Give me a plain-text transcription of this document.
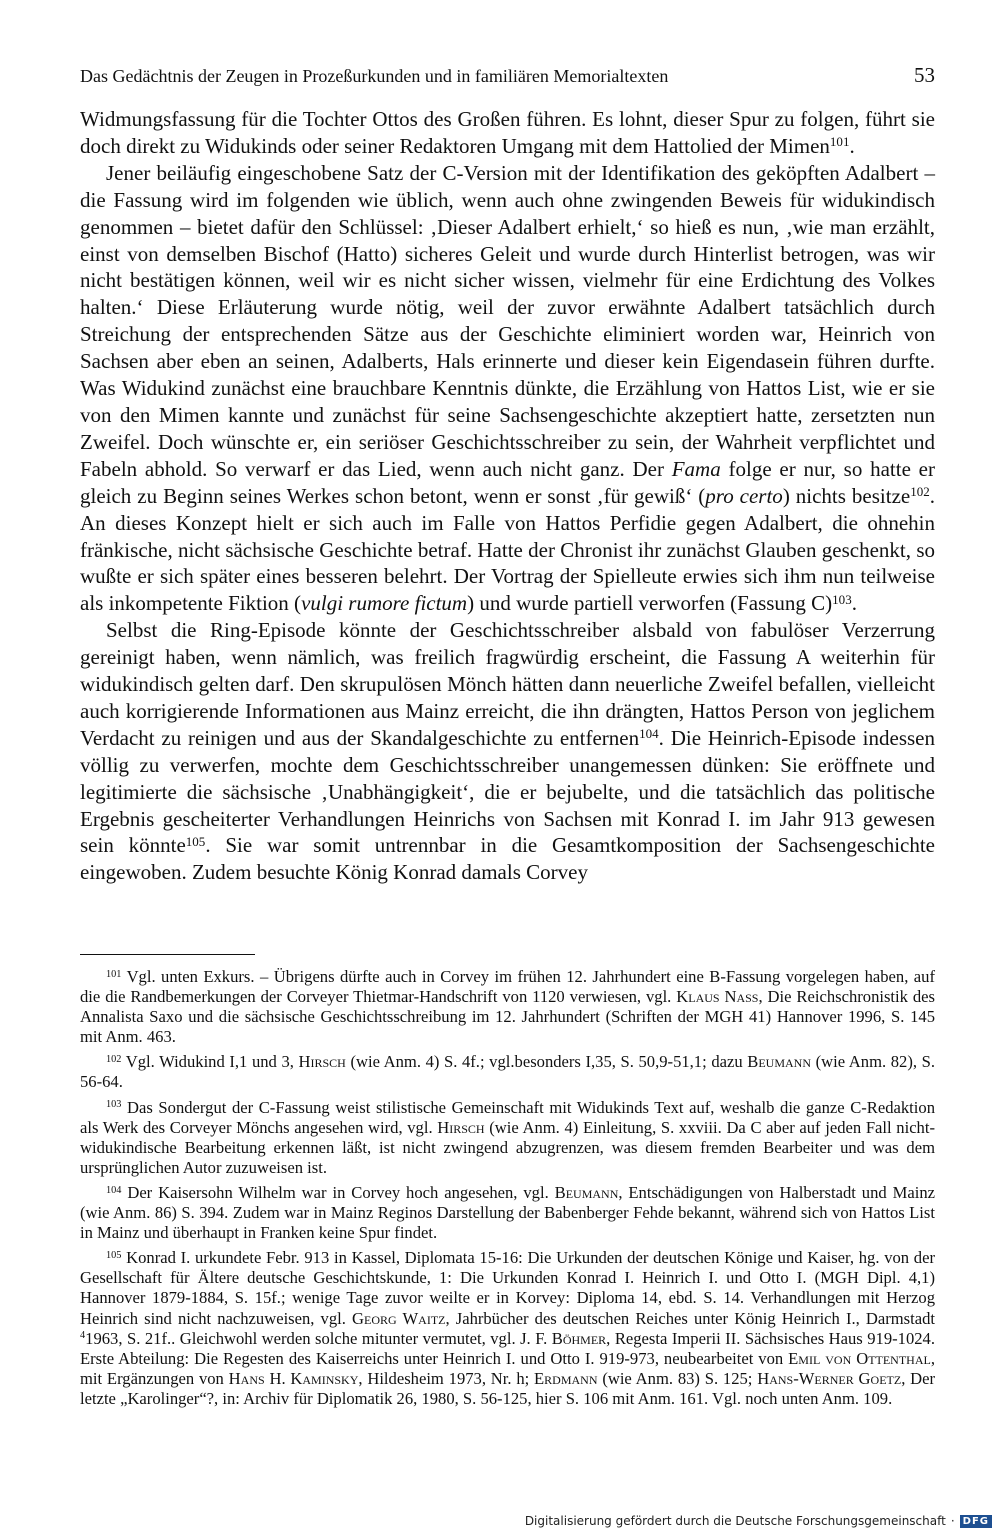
Das Gedächtnis der Zeugen in Prozeßurkunden und in familiären Memorialtexten	53

Widmungsfassung für die Tochter Ottos des Großen führen. Es lohnt, dieser Spur zu folgen, führt sie doch direkt zu Widukinds oder seiner Redaktoren Umgang mit dem Hattolied der Mimen$^{101}$.

Jener beiläufig eingeschobene Satz der C-Version mit der Identifikation des geköpften Adalbert – die Fassung wird im folgenden wie üblich, wenn auch ohne zwingenden Beweis für widukindisch genommen – bietet dafür den Schlüssel: ‚Dieser Adalbert erhielt,‘ so hieß es nun, ‚wie man erzählt, einst von demselben Bischof (Hatto) sicheres Geleit und wurde durch Hinterlist betrogen, was wir nicht bestätigen können, weil wir es nicht sicher wissen, vielmehr für eine Erdichtung des Volkes halten.‘ Diese Erläuterung wurde nötig, weil der zuvor erwähnte Adalbert tatsächlich durch Streichung der entsprechenden Sätze aus der Geschichte eliminiert worden war, Heinrich von Sachsen aber eben an seinen, Adalberts, Hals erinnerte und dieser kein Eigendasein führen durfte. Was Widukind zunächst eine brauchbare Kenntnis dünkte, die Erzählung von Hattos List, wie er sie von den Mimen kannte und zunächst für seine Sachsengeschichte akzeptiert hatte, zersetzten nun Zweifel. Doch wünschte er, ein seriöser Geschichtsschreiber zu sein, der Wahrheit verpflichtet und Fabeln abhold. So verwarf er das Lied, wenn auch nicht ganz. Der Fama folge er nur, so hatte er gleich zu Beginn seines Werkes schon betont, wenn er sonst ‚für gewiß‘ (pro certo) nichts besitze$^{102}$. An dieses Konzept hielt er sich auch im Falle von Hattos Perfidie gegen Adalbert, die ohnehin fränkische, nicht sächsische Geschichte betraf. Hatte der Chronist ihr zunächst Glauben geschenkt, so wußte er sich später eines besseren belehrt. Der Vortrag der Spielleute erwies sich ihm nun teilweise als inkompetente Fiktion (vulgi rumore fictum) und wurde partiell verworfen (Fassung C)$^{103}$.

Selbst die Ring-Episode könnte der Geschichtsschreiber alsbald von fabulöser Verzerrung gereinigt haben, wenn nämlich, was freilich fragwürdig erscheint, die Fassung A weiterhin für widukindisch gelten darf. Den skrupulösen Mönch hätten dann neuerliche Zweifel befallen, vielleicht auch korrigierende Informationen aus Mainz erreicht, die ihn drängten, Hattos Person von jeglichem Verdacht zu reinigen und aus der Skandalgeschichte zu entfernen$^{104}$. Die Heinrich-Episode indessen völlig zu verwerfen, mochte dem Geschichtsschreiber unangemessen dünken: Sie eröffnete und legitimierte die sächsische ‚Unabhängigkeit‘, die er bejubelte, und die tatsächlich das politische Ergebnis gescheiterter Verhandlungen Heinrichs von Sachsen mit Konrad I. im Jahr 913 gewesen sein könnte$^{105}$. Sie war somit untrennbar in die Gesamtkomposition der Sachsengeschichte eingewoben. Zudem besuchte König Konrad damals Corvey

$^{101}$ Vgl. unten Exkurs. – Übrigens dürfte auch in Corvey im frühen 12. Jahrhundert eine B-Fassung vorgelegen haben, auf die die Randbemerkungen der Corveyer Thietmar-Handschrift von 1120 verwiesen, vgl. Klaus Nass, Die Reichschronistik des Annalista Saxo und die sächsische Geschichtsschreibung im 12. Jahrhundert (Schriften der MGH 41) Hannover 1996, S. 145 mit Anm. 463.

$^{102}$ Vgl. Widukind I,1 und 3, Hirsch (wie Anm. 4) S. 4f.; vgl.besonders I,35, S. 50,9-51,1; dazu Beumann (wie Anm. 82), S. 56-64.

$^{103}$ Das Sondergut der C-Fassung weist stilistische Gemeinschaft mit Widukinds Text auf, weshalb die ganze C-Redaktion als Werk des Corveyer Mönchs angesehen wird, vgl. Hirsch (wie Anm. 4) Einleitung, S. xxviii. Da C aber auf jeden Fall nicht-widukindische Bearbeitung erkennen läßt, ist nicht zwingend abzugrenzen, was diesem fremden Bearbeiter und was dem ursprünglichen Autor zuzuweisen ist.

$^{104}$ Der Kaisersohn Wilhelm war in Corvey hoch angesehen, vgl. Beumann, Entschädigungen von Halberstadt und Mainz (wie Anm. 86) S. 394. Zudem war in Mainz Reginos Darstellung der Babenberger Fehde bekannt, während sich von Hattos List in Mainz und überhaupt in Franken keine Spur findet.

$^{105}$ Konrad I. urkundete Febr. 913 in Kassel, Diplomata 15-16: Die Urkunden der deutschen Könige und Kaiser, hg. von der Gesellschaft für Ältere deutsche Geschichtskunde, 1: Die Urkunden Konrad I. Heinrich I. und Otto I. (MGH Dipl. 4,1) Hannover 1879-1884, S. 15f.; wenige Tage zuvor weilte er in Korvey: Diploma 14, ebd. S. 14. Verhandlungen mit Herzog Heinrich sind nicht nachzuweisen, vgl. Georg Waitz, Jahrbücher des deutschen Reiches unter König Heinrich I., Darmstadt $^4$1963, S. 21f.. Gleichwohl werden solche mitunter vermutet, vgl. J. F. Böhmer, Regesta Imperii II. Sächsisches Haus 919-1024. Erste Abteilung: Die Regesten des Kaiserreichs unter Heinrich I. und Otto I. 919-973, neubearbeitet von Emil von Ottenthal, mit Ergänzungen von Hans H. Kaminsky, Hildesheim 1973, Nr. h; Erdmann (wie Anm. 83) S. 125; Hans-Werner Goetz, Der letzte „Karolinger“?, in: Archiv für Diplomatik 26, 1980, S. 56-125, hier S. 106 mit Anm. 161. Vgl. noch unten Anm. 109.

Digitalisierung gefördert durch die Deutsche Forschungsgemeinschaft · DFG
